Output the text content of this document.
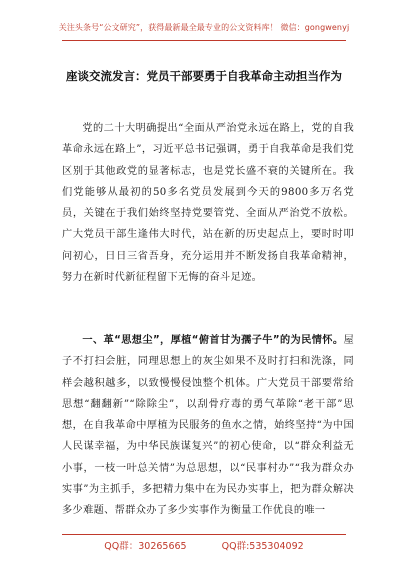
关注头条号“公文研究”，获得最新最全最专业的公文资料库！ 微信：gongwenyj
座谈交流发言：党员干部要勇于自我革命主动担当作为
党的二十大明确提出“全面从严治党永远在路上，党的自我革命永远在路上”，习近平总书记强调，勇于自我革命是我们党区别于其他政党的显著标志，也是党长盛不衰的关键所在。我们党能够从最初的50多名党员发展到今天的9800多万名党员，关键在于我们始终坚持党要管党、全面从严治党不放松。广大党员干部生逢伟大时代，站在新的历史起点上，要时时叩问初心，日日三省吾身，充分运用并不断发扬自我革命精神，努力在新时代新征程留下无悔的奋斗足迹。
一、革“思想尘”，厚植“俯首甘为孺子牛”的为民情怀。屋子不打扫会脏，同理思想上的灰尘如果不及时打扫和洗涤，同样会越积越多，以致慢慢侵蚀整个机体。广大党员干部要常给思想“翻翻新”“除除尘”，以刮骨疗毒的勇气革除“老干部”思想，在自我革命中厚植为民服务的鱼水之情，始终坚持“为中国人民谋幸福，为中华民族谋复兴”的初心使命，以“群众利益无小事，一枝一叶总关情”为总思想，以“民事村办”“我为群众办实事”为主抓手，多把精力集中在为民办实事上，把为群众解决多少难题、帮群众办了多少实事作为衡量工作优良的唯一
QQ群：30265665	QQ群:535304092
